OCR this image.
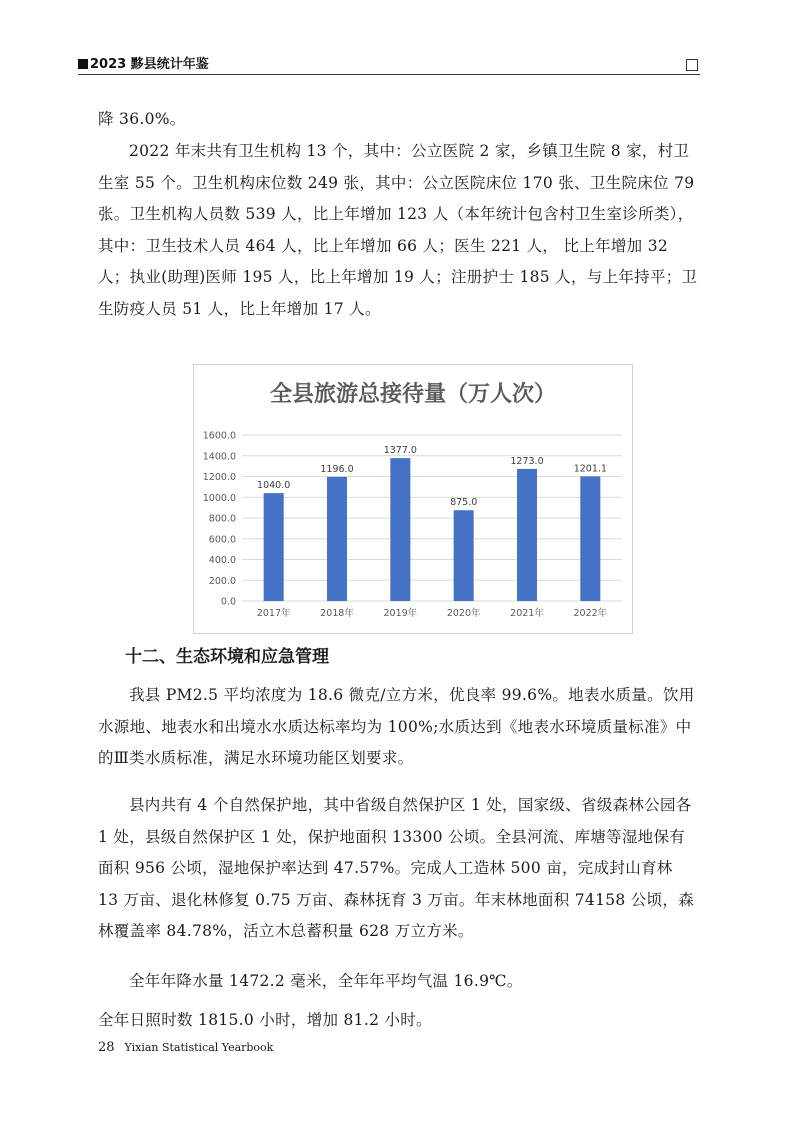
2023 黟县统计年鉴
降 36.0%。
2022 年末共有卫生机构 13 个，其中：公立医院 2 家，乡镇卫生院 8 家，村卫生室 55 个。卫生机构床位数 249 张，其中：公立医院床位 170 张、卫生院床位 79 张。卫生机构人员数 539 人，比上年增加 123 人（本年统计包含村卫生室诊所类），其中：卫生技术人员 464 人，比上年增加 66 人；医生 221 人， 比上年增加 32 人；执业(助理)医师 195 人，比上年增加 19 人；注册护士 185 人，与上年持平；卫生防疫人员 51 人，比上年增加 17 人。
全县旅游总接待量（万人次）
0.0
200.0
400.0
600.0
800.0
1000.0
1200.0
1400.0
1600.0
1040.0
2017年
1196.0
2018年
1377.0
2019年
875.0
2020年
1273.0
2021年
1201.1
2022年
十二、生态环境和应急管理
我县 PM2.5 平均浓度为 18.6 微克/立方米，优良率 99.6%。地表水质量。饮用水源地、地表水和出境水水质达标率均为 100%;水质达到《地表水环境质量标准》中的Ⅲ类水质标准，满足水环境功能区划要求。
县内共有 4 个自然保护地，其中省级自然保护区 1 处，国家级、省级森林公园各 1 处，县级自然保护区 1 处，保护地面积 13300 公顷。全县河流、库塘等湿地保有面积 956 公顷，湿地保护率达到 47.57%。完成人工造林 500 亩，完成封山育林 13 万亩、退化林修复 0.75 万亩、森林抚育 3 万亩。年末林地面积 74158 公顷，森林覆盖率 84.78%，活立木总蓄积量 628 万立方米。
全年年降水量 1472.2 毫米，全年年平均气温 16.9℃。
全年日照时数 1815.0 小时，增加 81.2 小时。
28 Yixian Statistical Yearbook
